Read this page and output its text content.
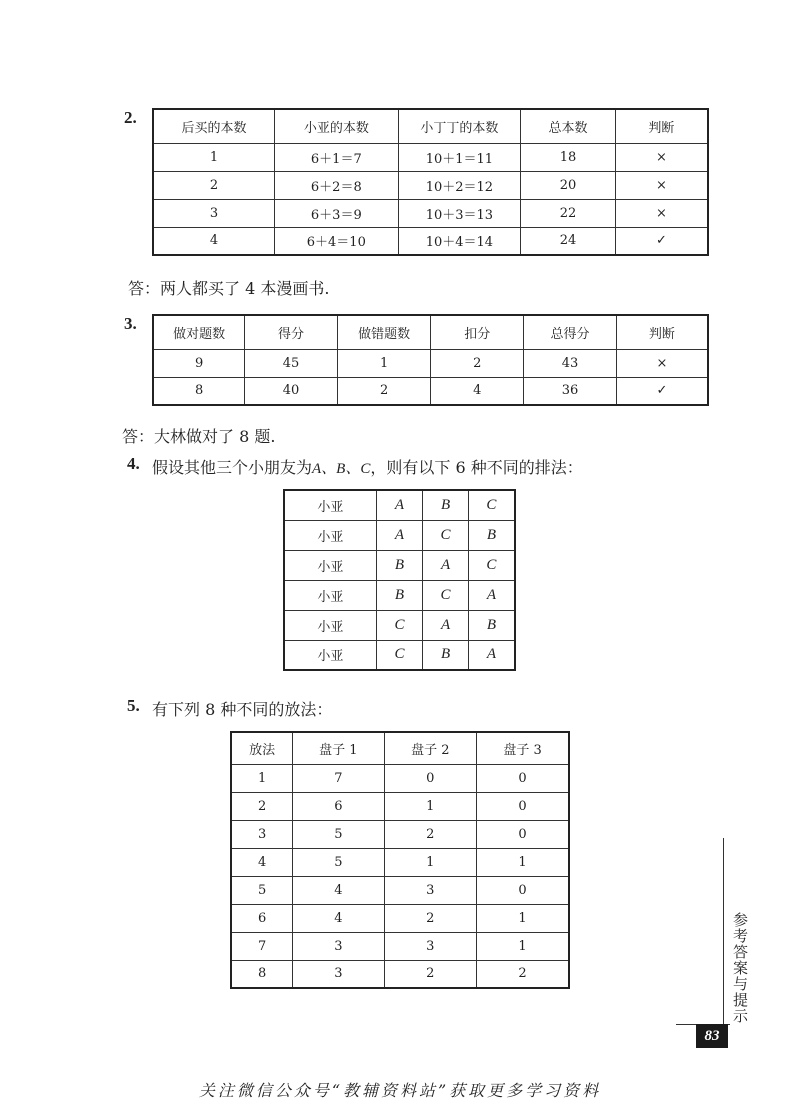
2.
后买的本数	小亚的本数	小丁丁的本数	总本数	判断
1	6＋1＝7	10＋1＝11	18	×
2	6＋2＝8	10＋2＝12	20	×
3	6＋3＝9	10＋3＝13	22	×
4	6＋4＝10	10＋4＝14	24	✓
答：两人都买了 4 本漫画书.
3.
做对题数	得分	做错题数	扣分	总得分	判断
9	45	1	2	43	×
8	40	2	4	36	✓
答：大林做对了 8 题.
4. 假设其他三个小朋友为A、B、C，则有以下 6 种不同的排法：
小亚	A	B	C
小亚	A	C	B
小亚	B	A	C
小亚	B	C	A
小亚	C	A	B
小亚	C	B	A
5. 有下列 8 种不同的放法：
放法	盘子 1	盘子 2	盘子 3
1	7	0	0
2	6	1	0
3	5	2	0
4	5	1	1
5	4	3	0
6	4	2	1
7	3	3	1
8	3	2	2	参考答案与提示
83
关注微信公众号“教辅资料站”获取更多学习资料
